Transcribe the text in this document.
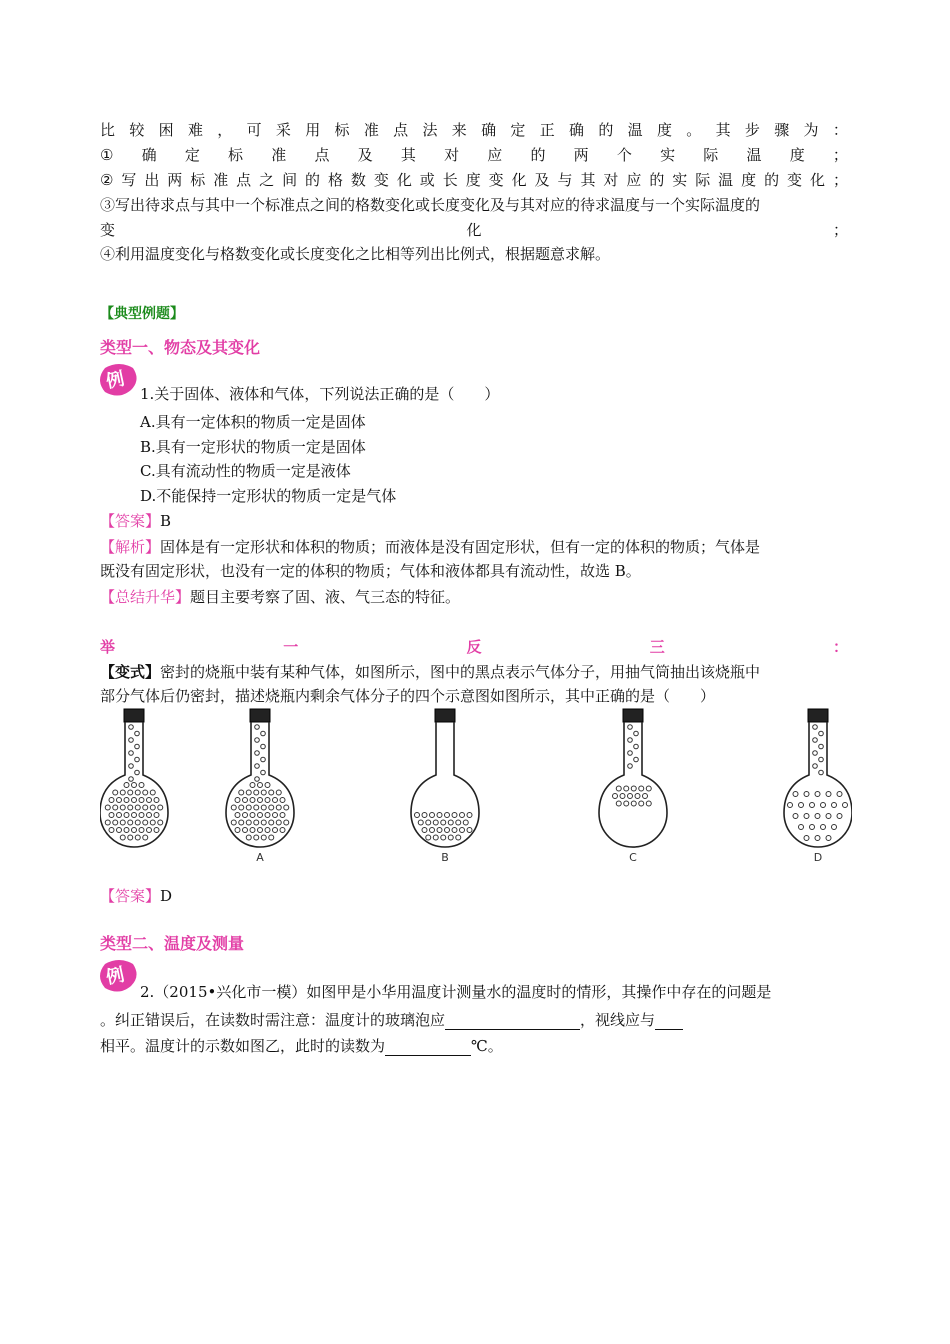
比 较 困 难 ， 可 采 用 标 准 点 法 来 确 定 正 确 的 温 度 。 其 步 骤 为 ：
① 确 定 标 准 点 及 其 对 应 的 两 个 实 际 温 度 ；
② 写 出 两 标 准 点 之 间 的 格 数 变 化 或 长 度 变 化 及 与 其 对 应 的 实 际 温 度 的 变 化 ；
③写出待求点与其中一个标准点之间的格数变化或长度变化及与其对应的待求温度与一个实际温度的
变	化	；
④利用温度变化与格数变化或长度变化之比相等列出比例式，根据题意求解。
【典型例题】
类型一、物态及其变化
例
1.关于固体、液体和气体，下列说法正确的是（　　）
A.具有一定体积的物质一定是固体
B.具有一定形状的物质一定是固体
C.具有流动性的物质一定是液体
D.不能保持一定形状的物质一定是气体
【答案】B
【解析】固体是有一定形状和体积的物质；而液体是没有固定形状，但有一定的体积的物质；气体是
既没有固定形状，也没有一定的体积的物质；气体和液体都具有流动性，故选 B。
【总结升华】题目主要考察了固、液、气三态的特征。
举	一	反	三	：
【变式】密封的烧瓶中装有某种气体，如图所示，图中的黑点表示气体分子，用抽气筒抽出该烧瓶中
部分气体后仍密封，描述烧瓶内剩余气体分子的四个示意图如图所示，其中正确的是（　　）
A	B	C	D
【答案】D
类型二、温度及测量
例
2.（2015•兴化市一模）如图甲是小华用温度计测量水的温度时的情形，其操作中存在的问题是
。纠正错误后，在读数时需注意：温度计的玻璃泡应	，视线应与
相平。温度计的示数如图乙，此时的读数为	℃。
